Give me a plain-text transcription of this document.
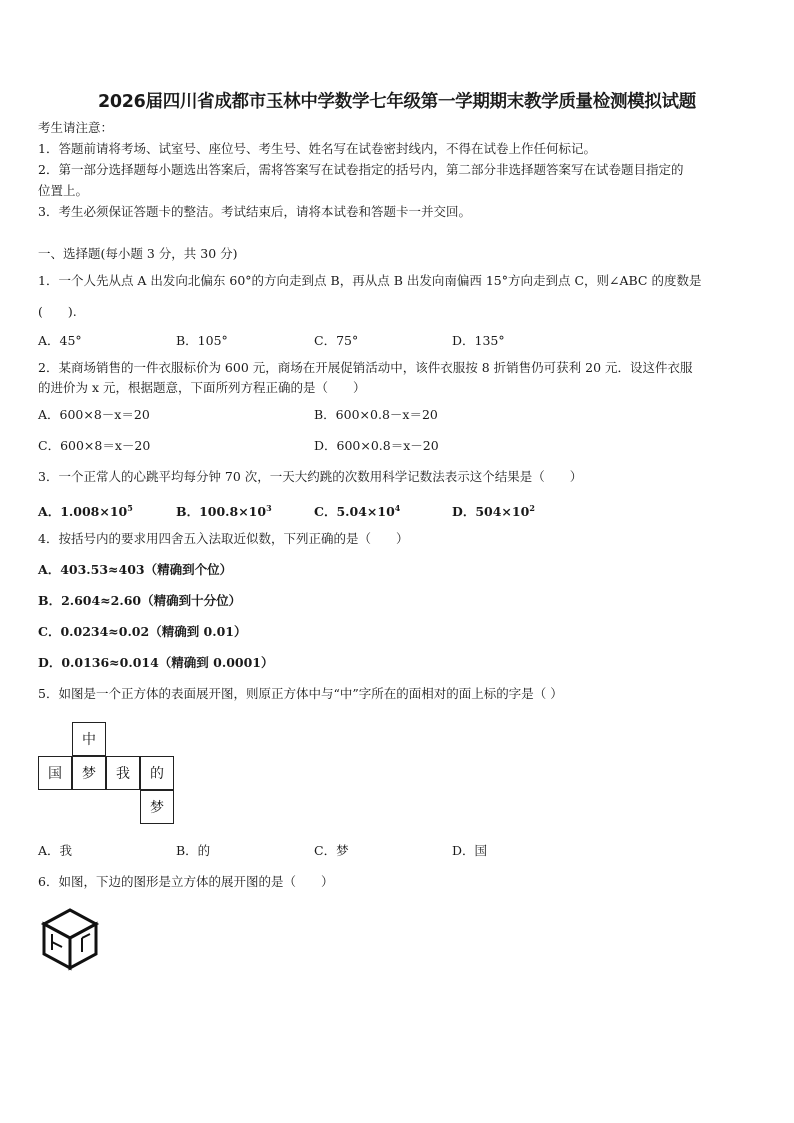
2026届四川省成都市玉林中学数学七年级第一学期期末教学质量检测模拟试题
考生请注意：
1．答题前请将考场、试室号、座位号、考生号、姓名写在试卷密封线内，不得在试卷上作任何标记。
2．第一部分选择题每小题选出答案后，需将答案写在试卷指定的括号内，第二部分非选择题答案写在试卷题目指定的
位置上。
3．考生必须保证答题卡的整洁。考试结束后，请将本试卷和答题卡一并交回。
一、选择题(每小题 3 分，共 30 分)
1．一个人先从点 A 出发向北偏东 60°的方向走到点 B，再从点 B 出发向南偏西 15°方向走到点 C，则∠ABC 的度数是
(　　).
A．45°	B．105°	C．75°	D．135°
2．某商场销售的一件衣服标价为 600 元，商场在开展促销活动中，该件衣服按 8 折销售仍可获利 20 元．设这件衣服
的进价为 x 元，根据题意，下面所列方程正确的是（　　）
A．600×8－x＝20	B．600×0.8－x＝20
C．600×8＝x－20	D．600×0.8＝x－20
3．一个正常人的心跳平均每分钟 70 次，一天大约跳的次数用科学记数法表示这个结果是（　　）
A．$1.008\times 10^5$	B．$100.8\times 10^3$	C．$5.04\times 10^4$	D．$504\times 10^2$
4．按括号内的要求用四舍五入法取近似数，下列正确的是（　　）
A．403.53≈403（精确到个位）
B．2.604≈2.60（精确到十分位）
C．0.0234≈0.02（精确到 0.01）
D．0.0136≈0.014（精确到 0.0001）
5．如图是一个正方体的表面展开图，则原正方体中与“中”字所在的面相对的面上标的字是（ ）
中
国	梦	我	的
梦
A．我	B．的	C．梦	D．国
6．如图，下边的图形是立方体的展开图的是（　　）
